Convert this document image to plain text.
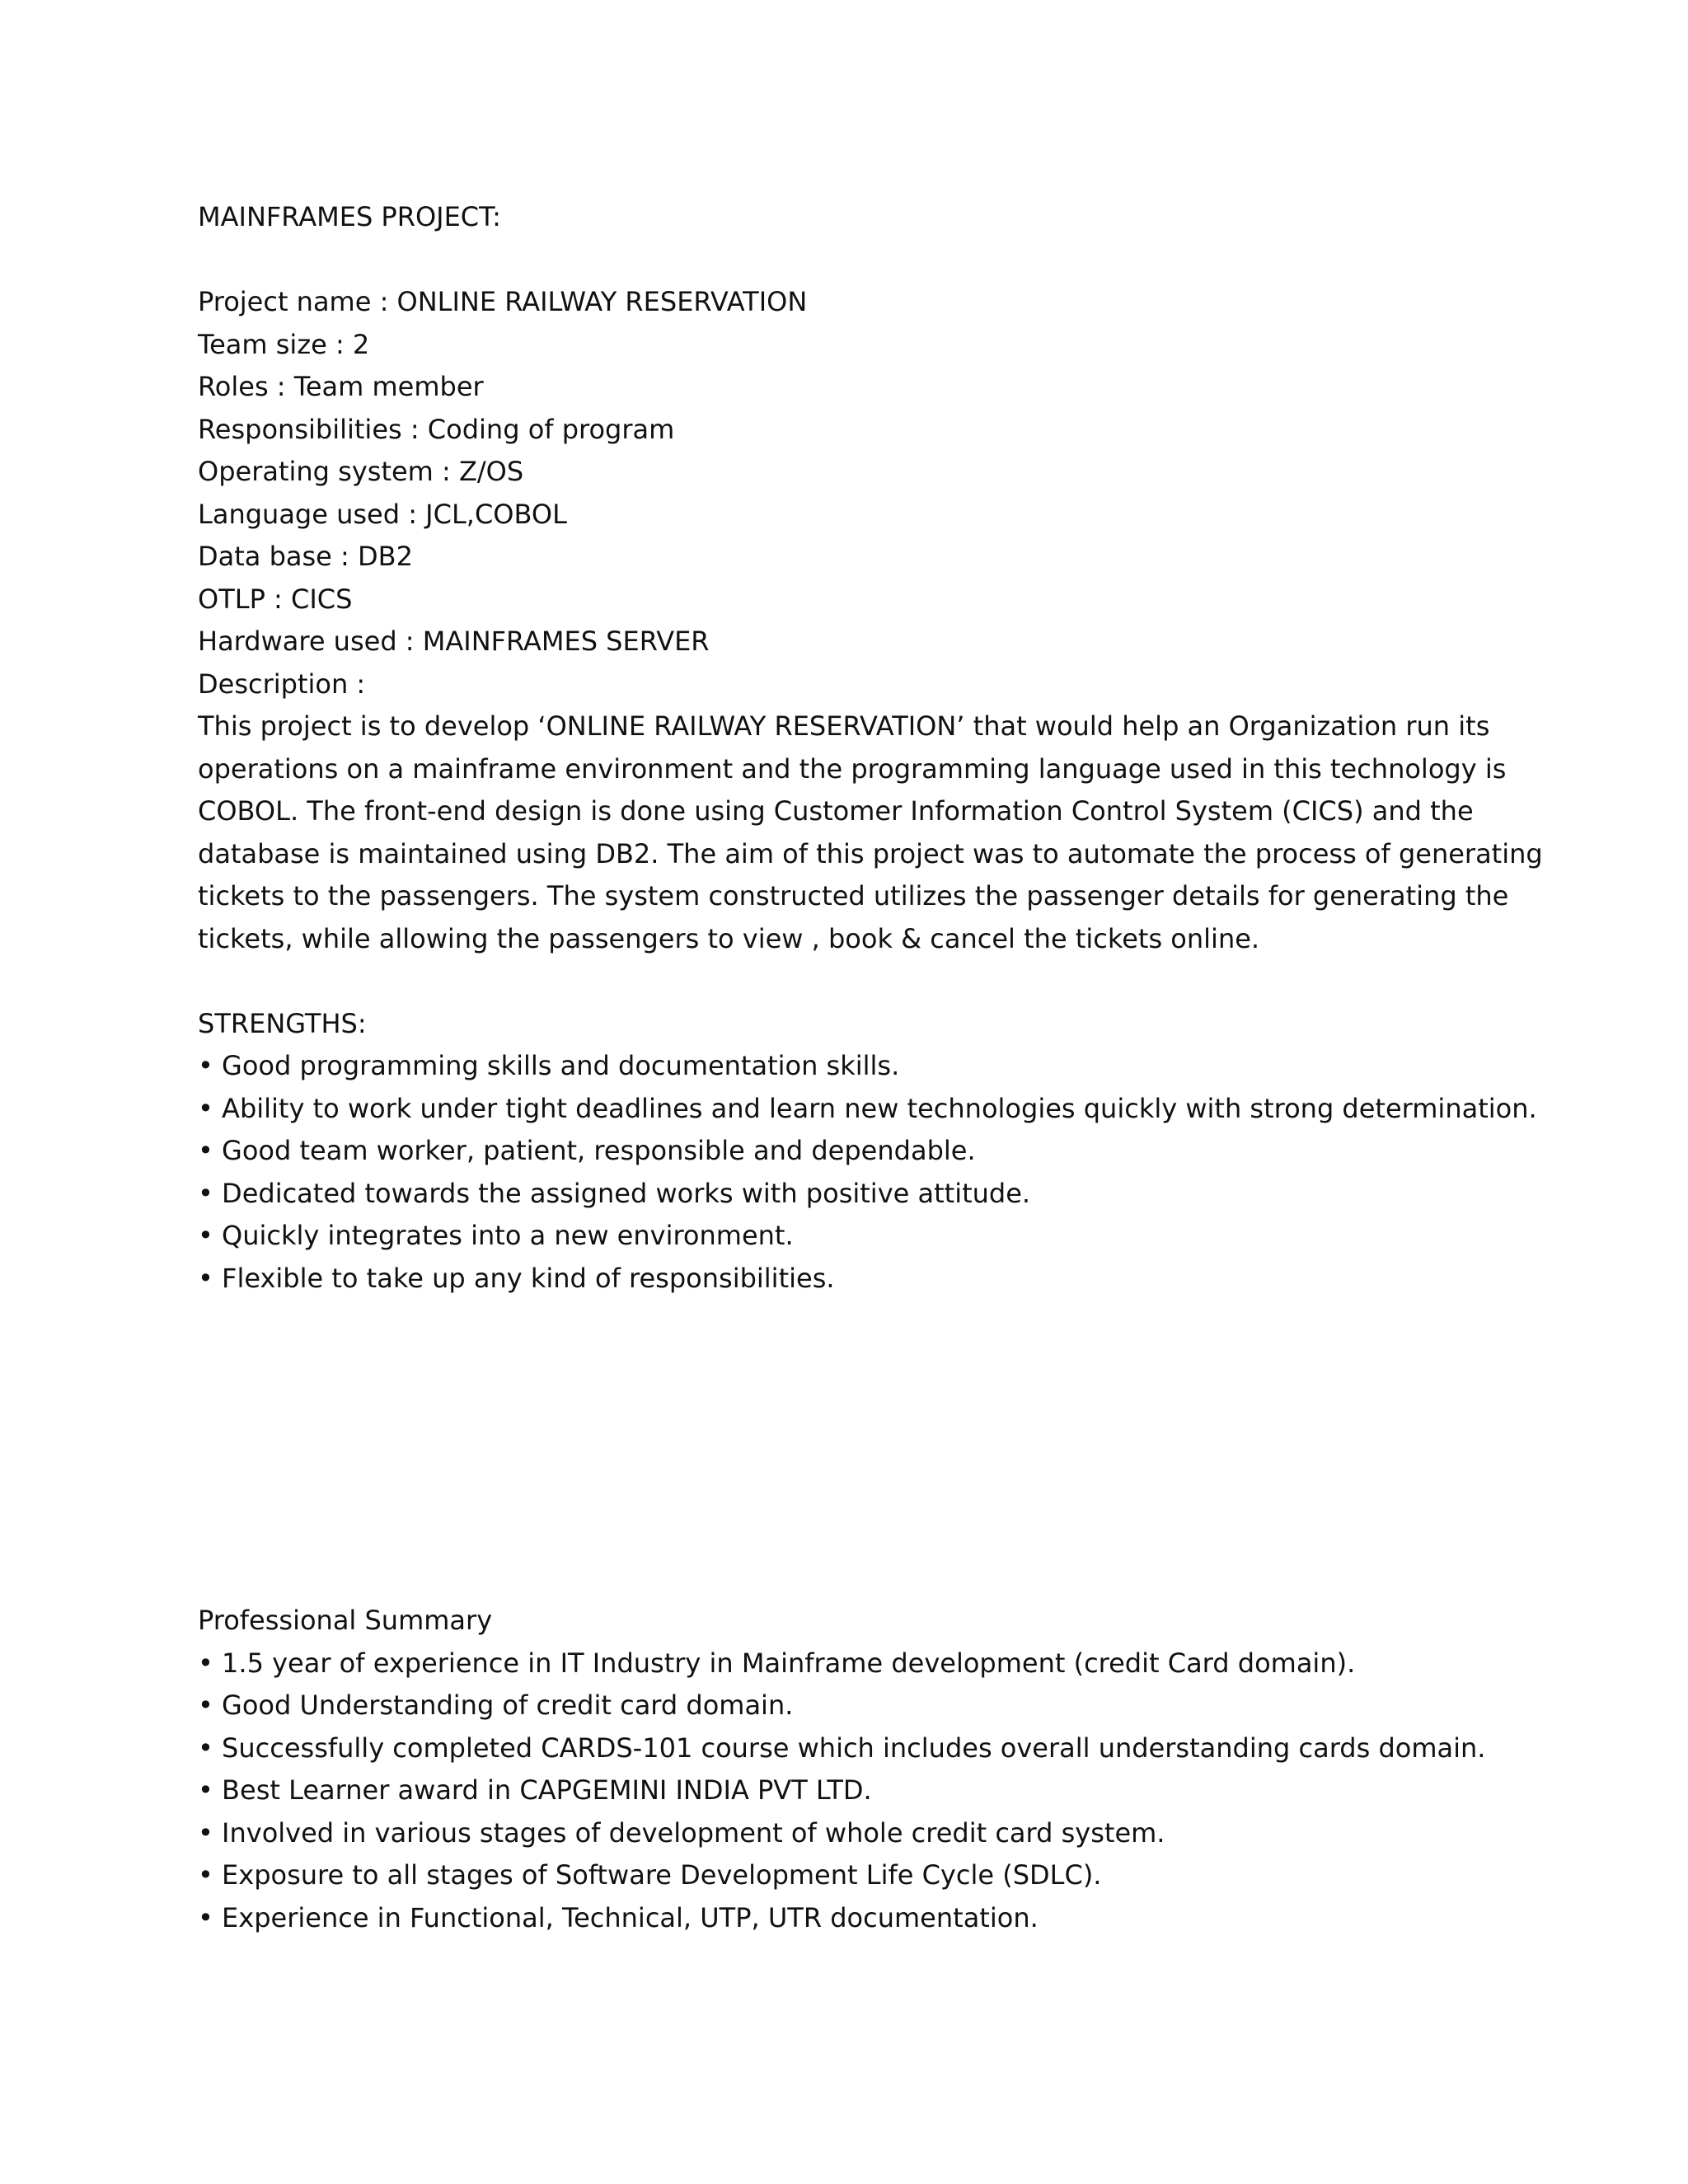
MAINFRAMES PROJECT:
Project name : ONLINE RAILWAY RESERVATION
Team size : 2
Roles : Team member
Responsibilities : Coding of program
Operating system : Z/OS
Language used : JCL,COBOL
Data base : DB2
OTLP : CICS
Hardware used : MAINFRAMES SERVER
Description :
This project is to develop ‘ONLINE RAILWAY RESERVATION’ that would help an Organization run its
operations on a mainframe environment and the programming language used in this technology is
COBOL. The front-end design is done using Customer Information Control System (CICS) and the
database is maintained using DB2. The aim of this project was to automate the process of generating
tickets to the passengers. The system constructed utilizes the passenger details for generating the
tickets, while allowing the passengers to view , book & cancel the tickets online.
STRENGTHS:
• Good programming skills and documentation skills.
• Ability to work under tight deadlines and learn new technologies quickly with strong determination.
• Good team worker, patient, responsible and dependable.
• Dedicated towards the assigned works with positive attitude.
• Quickly integrates into a new environment.
• Flexible to take up any kind of responsibilities.
Professional Summary
• 1.5 year of experience in IT Industry in Mainframe development (credit Card domain).
• Good Understanding of credit card domain.
• Successfully completed CARDS-101 course which includes overall understanding cards domain.
• Best Learner award in CAPGEMINI INDIA PVT LTD.
• Involved in various stages of development of whole credit card system.
• Exposure to all stages of Software Development Life Cycle (SDLC).
• Experience in Functional, Technical, UTP, UTR documentation.
